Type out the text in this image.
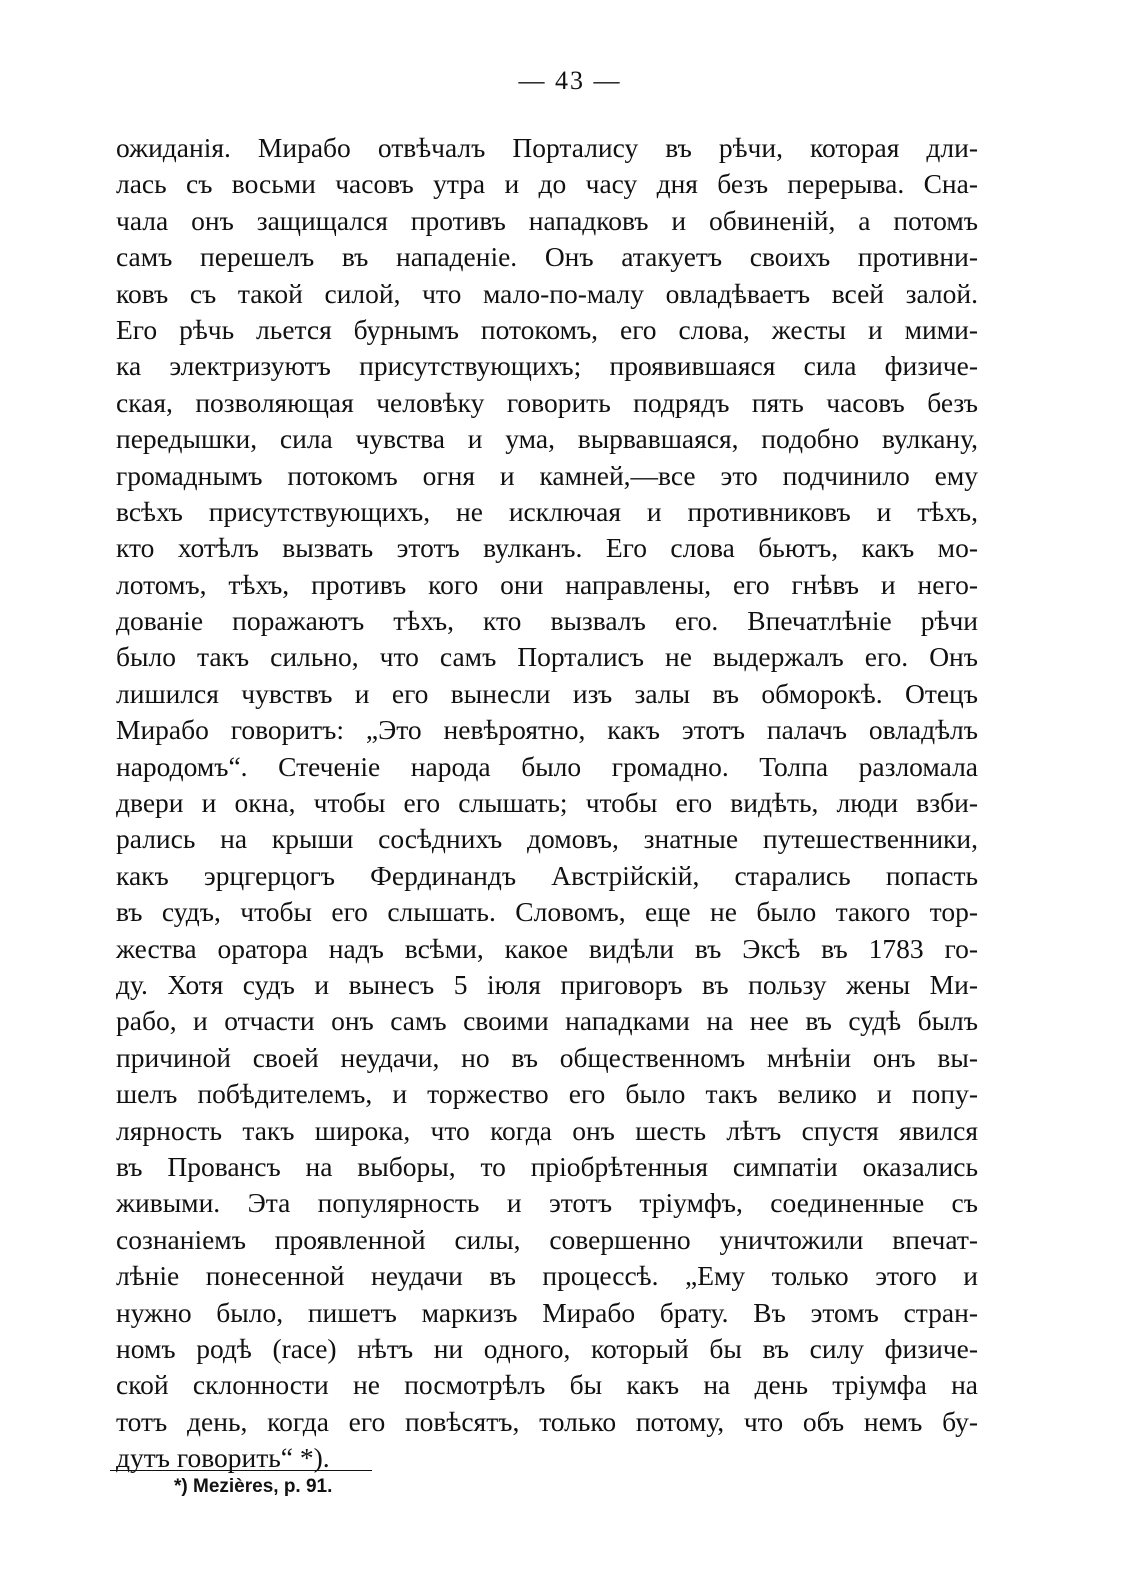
— 43 —
ожиданія. Мирабо отвѣчалъ Порталису въ рѣчи, которая дли-
лась съ восьми часовъ утра и до часу дня безъ перерыва. Сна-
чала онъ защищался противъ нападковъ и обвиненій, а потомъ
самъ перешелъ въ нападеніе. Онъ атакуетъ своихъ противни-
ковъ съ такой силой, что мало-по-малу овладѣваетъ всей залой.
Его рѣчь льется бурнымъ потокомъ, его слова, жесты и мими-
ка электризуютъ присутствующихъ; проявившаяся сила физиче-
ская, позволяющая человѣку говорить подрядъ пять часовъ безъ
передышки, сила чувства и ума, вырвавшаяся, подобно вулкану,
громаднымъ потокомъ огня и камней,—все это подчинило ему
всѣхъ присутствующихъ, не исключая и противниковъ и тѣхъ,
кто хотѣлъ вызвать этотъ вулканъ. Его слова бьютъ, какъ мо-
лотомъ, тѣхъ, противъ кого они направлены, его гнѣвъ и него-
дованіе поражаютъ тѣхъ, кто вызвалъ его. Впечатлѣніе рѣчи
было такъ сильно, что самъ Порталисъ не выдержалъ его. Онъ
лишился чувствъ и его вынесли изъ залы въ обморокѣ. Отецъ
Мирабо говоритъ: „Это невѣроятно, какъ этотъ палачъ овладѣлъ
народомъ“. Стеченіе народа было громадно. Толпа разломала
двери и окна, чтобы его слышать; чтобы его видѣть, люди взби-
рались на крыши сосѣднихъ домовъ, знатные путешественники,
какъ эрцгерцогъ Фердинандъ Австрійскій, старались попасть
въ судъ, чтобы его слышать. Словомъ, еще не было такого тор-
жества оратора надъ всѣми, какое видѣли въ Эксѣ въ 1783 го-
ду. Хотя судъ и вынесъ 5 іюля приговоръ въ пользу жены Ми-
рабо, и отчасти онъ самъ своими нападками на нее въ судѣ былъ
причиной своей неудачи, но въ общественномъ мнѣніи онъ вы-
шелъ побѣдителемъ, и торжество его было такъ велико и попу-
лярность такъ широка, что когда онъ шесть лѣтъ спустя явился
въ Провансъ на выборы, то пріобрѣтенныя симпатіи оказались
живыми. Эта популярность и этотъ тріумфъ, соединенные съ
сознаніемъ проявленной силы, совершенно уничтожили впечат-
лѣніе понесенной неудачи въ процессѣ. „Ему только этого и
нужно было, пишетъ маркизъ Мирабо брату. Въ этомъ стран-
номъ родѣ (race) нѣтъ ни одного, который бы въ силу физиче-
ской склонности не посмотрѣлъ бы какъ на день тріумфа на
тотъ день, когда его повѣсятъ, только потому, что объ немъ бу-
дутъ говорить“ *).
*) Mezières, p. 91.
